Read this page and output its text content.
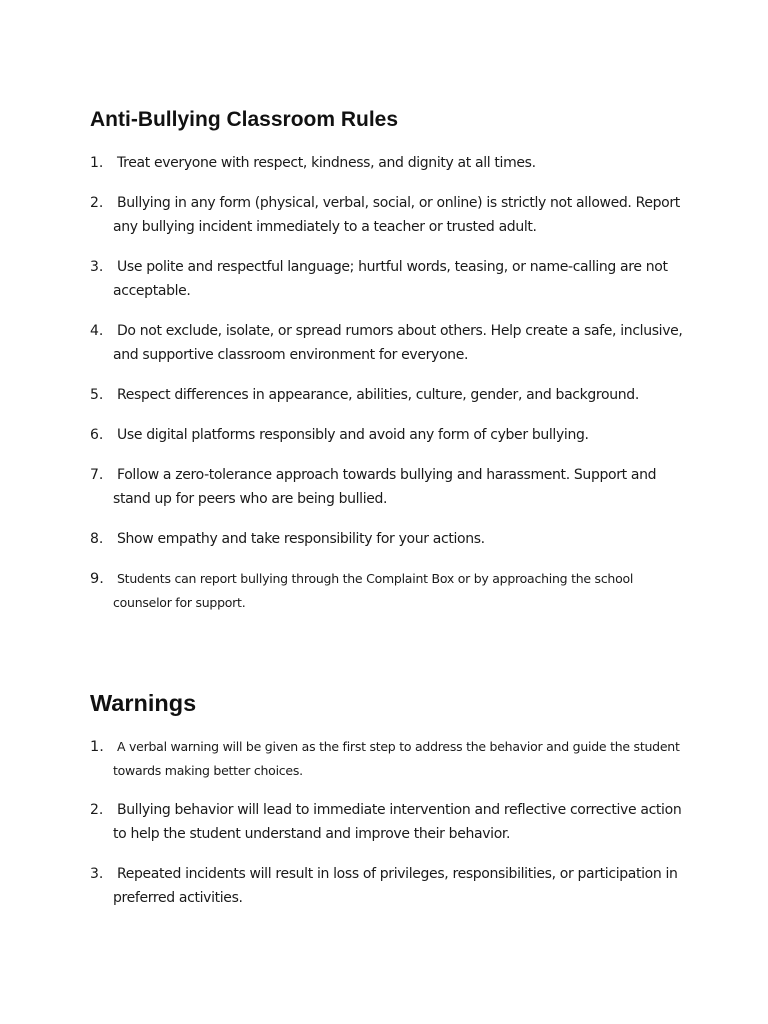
Anti-Bullying Classroom Rules
1. Treat everyone with respect, kindness, and dignity at all times.
2. Bullying in any form (physical, verbal, social, or online) is strictly not allowed. Report any bullying incident immediately to a teacher or trusted adult.
3. Use polite and respectful language; hurtful words, teasing, or name-calling are not acceptable.
4. Do not exclude, isolate, or spread rumors about others. Help create a safe, inclusive, and supportive classroom environment for everyone.
5. Respect differences in appearance, abilities, culture, gender, and background.
6. Use digital platforms responsibly and avoid any form of cyber bullying.
7. Follow a zero-tolerance approach towards bullying and harassment. Support and stand up for peers who are being bullied.
8. Show empathy and take responsibility for your actions.
9.	Students can report bullying through the Complaint Box or by approaching the school counselor for support.
Warnings
1.	A verbal warning will be given as the first step to address the behavior and guide the student towards making better choices.
2. Bullying behavior will lead to immediate intervention and reflective corrective action to help the student understand and improve their behavior.
3. Repeated incidents will result in loss of privileges, responsibilities, or participation in preferred activities.
